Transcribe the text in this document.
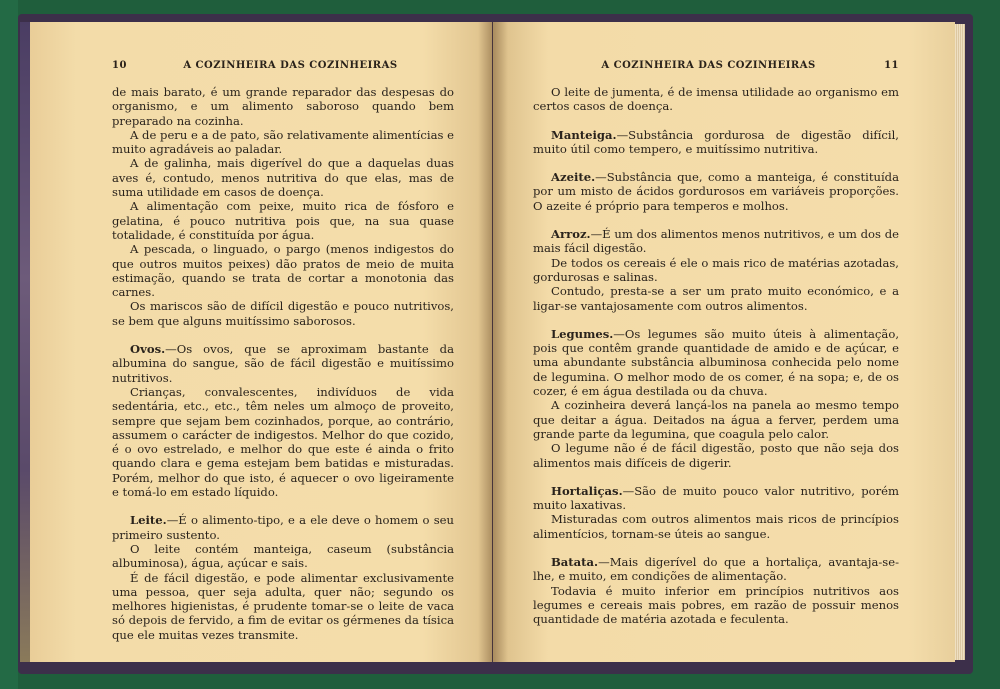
10	A COZINHEIRA DAS COZINHEIRAS

de mais barato, é um grande reparador das despesas do organismo, e um alimento saboroso quando bem preparado na cozinha.

A de peru e a de pato, são relativamente alimentícias e muito agradáveis ao paladar.

A de galinha, mais digerível do que a daquelas duas aves é, contudo, menos nutritiva do que elas, mas de suma utilidade em casos de doença.

A alimentação com peixe, muito rica de fósforo e gelatina, é pouco nutritiva pois que, na sua quase totalidade, é constituída por água.

A pescada, o linguado, o pargo (menos indigestos do que outros muitos peixes) dão pratos de meio de muita estimação, quando se trata de cortar a monotonia das carnes.

Os mariscos são de difícil digestão e pouco nutritivos, se bem que alguns muitíssimo saborosos.

Ovos.—Os ovos, que se aproximam bastante da albumina do sangue, são de fácil digestão e muitíssimo nutritivos.

Crianças, convalescentes, indivíduos de vida sedentária, etc., etc., têm neles um almoço de proveito, sempre que sejam bem cozinhados, porque, ao contrário, assumem o carácter de indigestos. Melhor do que cozido, é o ovo estrelado, e melhor do que este é ainda o frito quando clara e gema estejam bem batidas e misturadas. Porém, melhor do que isto, é aquecer o ovo ligeiramente e tomá-lo em estado líquido.

Leite.—É o alimento-tipo, e a ele deve o homem o seu primeiro sustento.

O leite contém manteiga, caseum (substância albuminosa), água, açúcar e sais.

É de fácil digestão, e pode alimentar exclusivamente uma pessoa, quer seja adulta, quer não; segundo os melhores higienistas, é prudente tomar-se o leite de vaca só depois de fervido, a fim de evitar os gérmenes da tísica que ele muitas vezes transmite.

A COZINHEIRA DAS COZINHEIRAS	11

O leite de jumenta, é de imensa utilidade ao organismo em certos casos de doença.

Manteiga.—Substância gordurosa de digestão difícil, muito útil como tempero, e muitíssimo nutritiva.

Azeite.—Substância que, como a manteiga, é constituída por um misto de ácidos gordurosos em variáveis proporções. O azeite é próprio para temperos e molhos.

Arroz.—É um dos alimentos menos nutritivos, e um dos de mais fácil digestão.

De todos os cereais é ele o mais rico de matérias azotadas, gordurosas e salinas.

Contudo, presta-se a ser um prato muito económico, e a ligar-se vantajosamente com outros alimentos.

Legumes.—Os legumes são muito úteis à alimentação, pois que contêm grande quantidade de amido e de açúcar, e uma abundante substância albuminosa conhecida pelo nome de legumina. O melhor modo de os comer, é na sopa; e, de os cozer, é em água destilada ou da chuva.

A cozinheira deverá lançá-los na panela ao mesmo tempo que deitar a água. Deitados na água a ferver, perdem uma grande parte da legumina, que coagula pelo calor.

O legume não é de fácil digestão, posto que não seja dos alimentos mais difíceis de digerir.

Hortaliças.—São de muito pouco valor nutritivo, porém muito laxativas.

Misturadas com outros alimentos mais ricos de princípios alimentícios, tornam-se úteis ao sangue.

Batata.—Mais digerível do que a hortaliça, avantaja-se-lhe, e muito, em condições de alimentação.

Todavia é muito inferior em princípios nutritivos aos legumes e cereais mais pobres, em razão de possuir menos quantidade de matéria azotada e feculenta.
